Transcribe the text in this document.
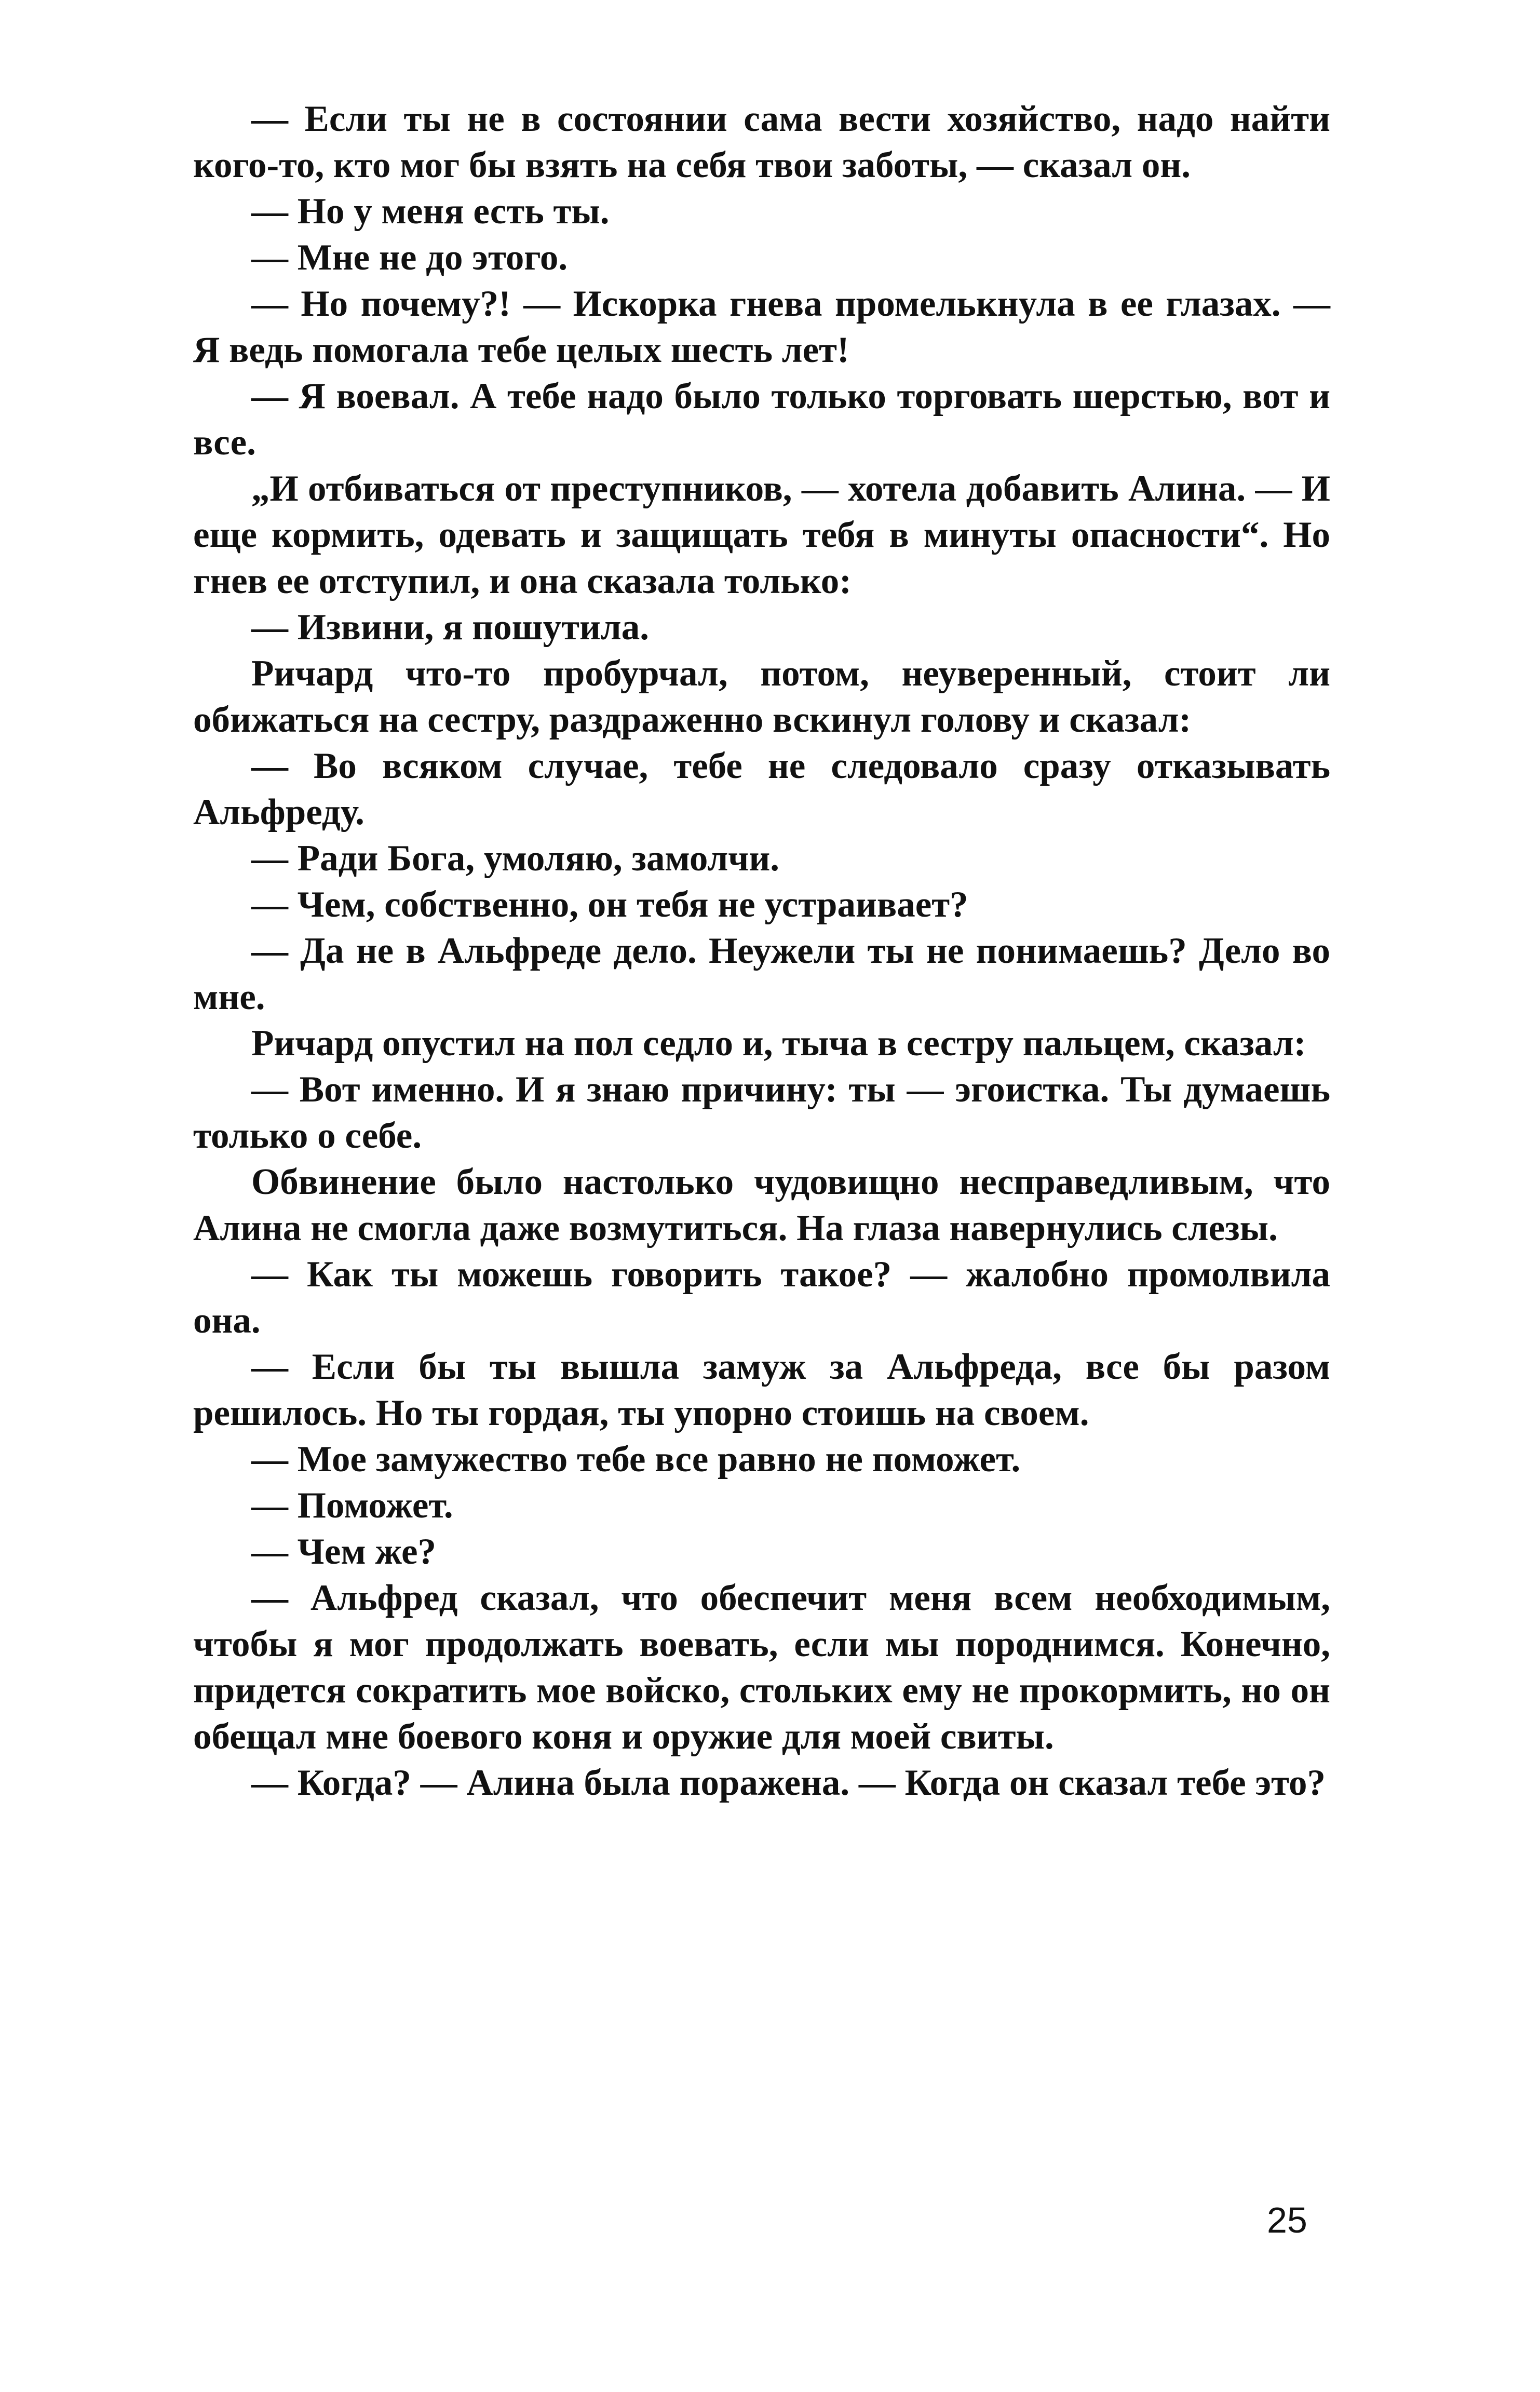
— Если ты не в состоянии сама вести хозяйство, надо найти кого-то, кто мог бы взять на себя твои заботы, — сказал он.

— Но у меня есть ты.

— Мне не до этого.

— Но почему?! — Искорка гнева промелькнула в ее глазах. — Я ведь помогала тебе целых шесть лет!

— Я воевал. А тебе надо было только торговать шерстью, вот и все.

„И отбиваться от преступников, — хотела добавить Алина. — И еще кормить, одевать и защищать тебя в минуты опасности“. Но гнев ее отступил, и она сказала только:

— Извини, я пошутила.

Ричард что-то пробурчал, потом, неуверенный, стоит ли обижаться на сестру, раздраженно вскинул голову и сказал:

— Во всяком случае, тебе не следовало сразу отказывать Альфреду.

— Ради Бога, умоляю, замолчи.

— Чем, собственно, он тебя не устраивает?

— Да не в Альфреде дело. Неужели ты не понимаешь? Дело во мне.

Ричард опустил на пол седло и, тыча в сестру пальцем, сказал:

— Вот именно. И я знаю причину: ты — эгоистка. Ты думаешь только о себе.

Обвинение было настолько чудовищно несправедливым, что Алина не смогла даже возмутиться. На глаза навернулись слезы.

— Как ты можешь говорить такое? — жалобно промолвила она.

— Если бы ты вышла замуж за Альфреда, все бы разом решилось. Но ты гордая, ты упорно стоишь на своем.

— Мое замужество тебе все равно не поможет.

— Поможет.

— Чем же?

— Альфред сказал, что обеспечит меня всем необходимым, чтобы я мог продолжать воевать, если мы породнимся. Конечно, придется сократить мое войско, стольких ему не прокормить, но он обещал мне боевого коня и оружие для моей свиты.

— Когда? — Алина была поражена. — Когда он сказал тебе это?

25
